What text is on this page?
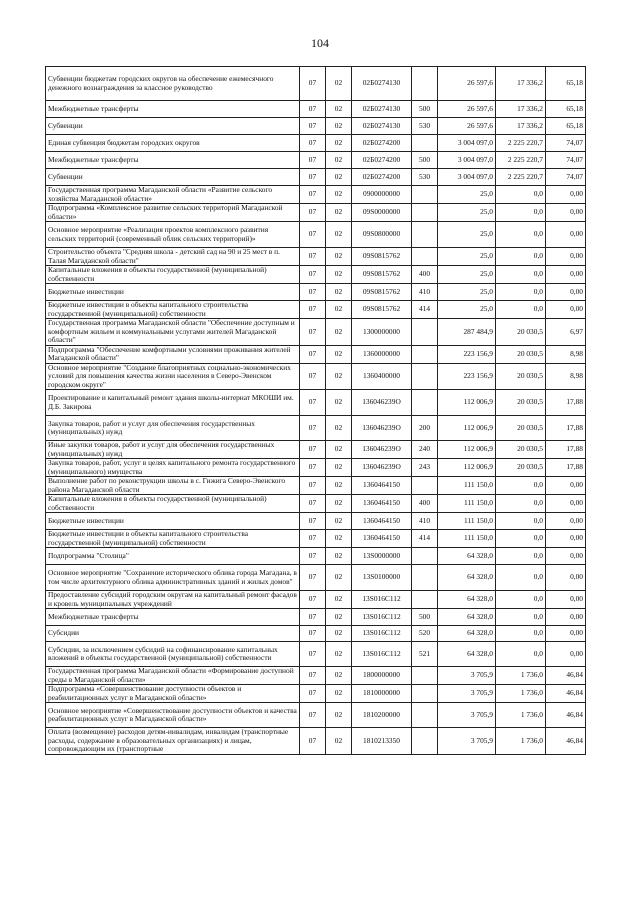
104
Субвенции бюджетам городских округов на обеспечение ежемесячного денежного вознаграждения за классное руководство	07	02	02Б0274130		26 597,6	17 336,2	65,18
Межбюджетные трансферты	07	02	02Б0274130	500	26 597,6	17 336,2	65,18
Субвенции	07	02	02Б0274130	530	26 597,6	17 336,2	65,18
Единая субвенция бюджетам городских округов	07	02	02Б0274200		3 004 097,0	2 225 220,7	74,07
Межбюджетные трансферты	07	02	02Б0274200	500	3 004 097,0	2 225 220,7	74,07
Субвенции	07	02	02Б0274200	530	3 004 097,0	2 225 220,7	74,07
Государственная программа Магаданской области «Развитие сельского хозяйства Магаданской области»	07	02	0900000000		25,0	0,0	0,00
Подпрограмма «Комплексное развитие сельских территорий Магаданской области»	07	02	09S0000000		25,0	0,0	0,00
Основное мероприятие «Реализация проектов комплексного развития сельских территорий (современный облик сельских территорий)»	07	02	09S0800000		25,0	0,0	0,00
Строительство объекта "Средняя школа - детский сад на 90 и 25 мест в п. Талая Магаданской области"	07	02	09S0815762		25,0	0,0	0,00
Капитальные вложения в объекты государственной (муниципальной) собственности	07	02	09S0815762	400	25,0	0,0	0,00
Бюджетные инвестиции	07	02	09S0815762	410	25,0	0,0	0,00
Бюджетные инвестиции в объекты капитального строительства государственной (муниципальной) собственности	07	02	09S0815762	414	25,0	0,0	0,00
Государственная программа Магаданской области "Обеспечение доступным и комфортным жильем и коммунальными услугами жителей Магаданской области"	07	02	1300000000		287 484,9	20 030,5	6,97
Подпрограмма "Обеспечение комфортными условиями проживания жителей Магаданской области"	07	02	1360000000		223 156,9	20 030,5	8,98
Основное мероприятие "Создание благоприятных социально-экономических условий для повышения качества жизни населения в Северо-Эвенском городском округе"	07	02	1360400000		223 156,9	20 030,5	8,98
Проектирование и капитальный ремонт здания школы-интернат МКОШИ им. Д.Б. Закирова	07	02	136046239О		112 006,9	20 030,5	17,88
Закупка товаров, работ и услуг для обеспечения государственных (муниципальных) нужд	07	02	136046239О	200	112 006,9	20 030,5	17,88
Иные закупки товаров, работ и услуг для обеспечения государственных (муниципальных) нужд	07	02	136046239О	240	112 006,9	20 030,5	17,88
Закупка товаров, работ, услуг в целях капитального ремонта государственного (муниципального) имущества	07	02	136046239О	243	112 006,9	20 030,5	17,88
Выполнение работ по реконструкции школы в с. Гижига Северо-Эвенского района Магаданской области	07	02	1360464150		111 150,0	0,0	0,00
Капитальные вложения в объекты государственной (муниципальной) собственности	07	02	1360464150	400	111 150,0	0,0	0,00
Бюджетные инвестиции	07	02	1360464150	410	111 150,0	0,0	0,00
Бюджетные инвестиции в объекты капитального строительства государственной (муниципальной) собственности	07	02	1360464150	414	111 150,0	0,0	0,00
Подпрограмма "Столица"	07	02	13S0000000		64 328,0	0,0	0,00
Основное мероприятие "Сохранение исторического облика города Магадана, в том числе архитектурного облика административных зданий и жилых домов"	07	02	13S0100000		64 328,0	0,0	0,00
Предоставление субсидий городским округам на капитальный ремонт фасадов и кровель муниципальных учреждений	07	02	13S016C112		64 328,0	0,0	0,00
Межбюджетные трансферты	07	02	13S016C112	500	64 328,0	0,0	0,00
Субсидии	07	02	13S016C112	520	64 328,0	0,0	0,00
Субсидии, за исключением субсидий на софинансирование капитальных вложений в объекты государственной (муниципальной) собственности	07	02	13S016C112	521	64 328,0	0,0	0,00
Государственная программа Магаданской области «Формирование доступной среды в Магаданской области»	07	02	1800000000		3 705,9	1 736,0	46,84
Подпрограмма «Совершенствование доступности объектов и реабилитационных услуг в Магаданской области»	07	02	1810000000		3 705,9	1 736,0	46,84
Основное мероприятие «Совершенствование доступности объектов и качества реабилитационных услуг в Магаданской области»	07	02	1810200000		3 705,9	1 736,0	46,84
Оплата (возмещение) расходов детям-инвалидам, инвалидам (транспортные расходы, содержание в образовательных организациях) и лицам, сопровождающим их (транспортные	07	02	1810213350		3 705,9	1 736,0	46,84
